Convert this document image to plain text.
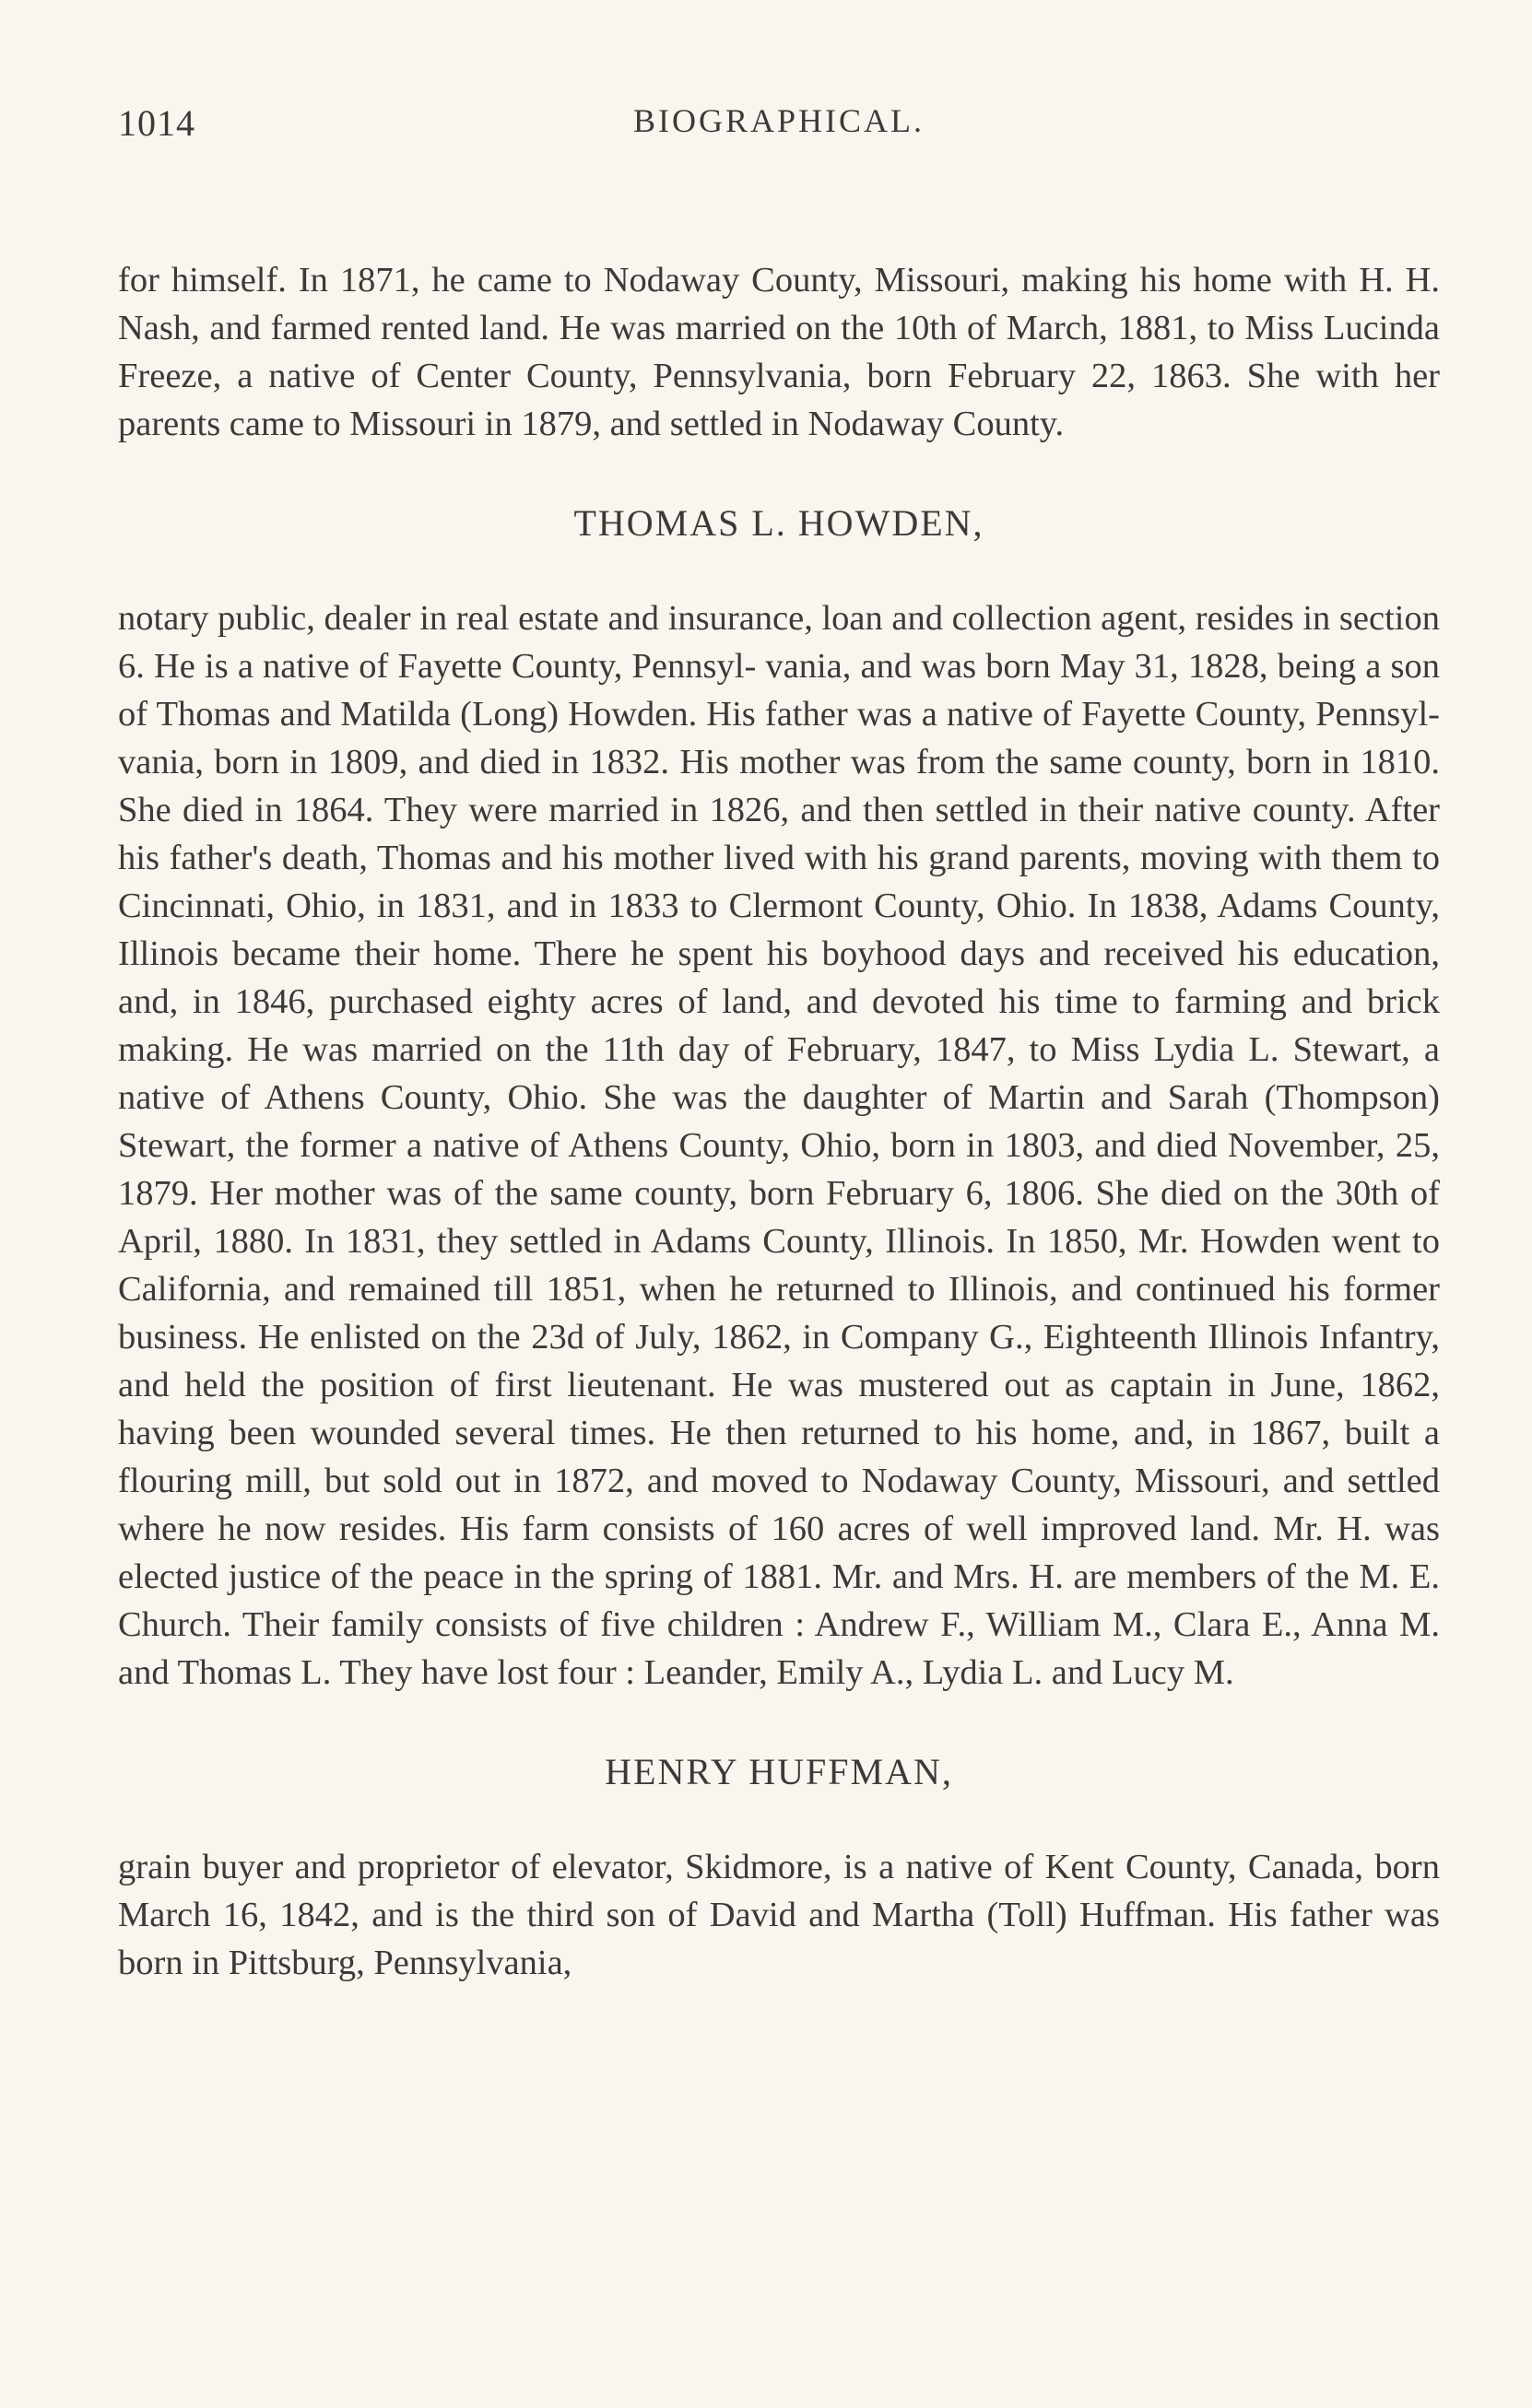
1014	BIOGRAPHICAL.

for himself. In 1871, he came to Nodaway County, Missouri, making his home with H. H. Nash, and farmed rented land. He was married on the 10th of March, 1881, to Miss Lucinda Freeze, a native of Center County, Pennsylvania, born February 22, 1863. She with her parents came to Missouri in 1879, and settled in Nodaway County.

THOMAS L. HOWDEN,

notary public, dealer in real estate and insurance, loan and collection agent, resides in section 6. He is a native of Fayette County, Pennsyl- vania, and was born May 31, 1828, being a son of Thomas and Matilda (Long) Howden. His father was a native of Fayette County, Pennsyl- vania, born in 1809, and died in 1832. His mother was from the same county, born in 1810. She died in 1864. They were married in 1826, and then settled in their native county. After his father's death, Thomas and his mother lived with his grand parents, moving with them to Cincinnati, Ohio, in 1831, and in 1833 to Clermont County, Ohio. In 1838, Adams County, Illinois became their home. There he spent his boyhood days and received his education, and, in 1846, purchased eighty acres of land, and devoted his time to farming and brick making. He was married on the 11th day of February, 1847, to Miss Lydia L. Stewart, a native of Athens County, Ohio. She was the daughter of Martin and Sarah (Thompson) Stewart, the former a native of Athens County, Ohio, born in 1803, and died November, 25, 1879. Her mother was of the same county, born February 6, 1806. She died on the 30th of April, 1880. In 1831, they settled in Adams County, Illinois. In 1850, Mr. Howden went to California, and remained till 1851, when he returned to Illinois, and continued his former business. He enlisted on the 23d of July, 1862, in Company G., Eighteenth Illinois Infantry, and held the position of first lieutenant. He was mustered out as captain in June, 1862, having been wounded several times. He then returned to his home, and, in 1867, built a flouring mill, but sold out in 1872, and moved to Nodaway County, Missouri, and settled where he now resides. His farm consists of 160 acres of well improved land. Mr. H. was elected justice of the peace in the spring of 1881. Mr. and Mrs. H. are members of the M. E. Church. Their family consists of five children : Andrew F., William M., Clara E., Anna M. and Thomas L. They have lost four : Leander, Emily A., Lydia L. and Lucy M.

HENRY HUFFMAN,

grain buyer and proprietor of elevator, Skidmore, is a native of Kent County, Canada, born March 16, 1842, and is the third son of David and Martha (Toll) Huffman. His father was born in Pittsburg, Pennsylvania,
